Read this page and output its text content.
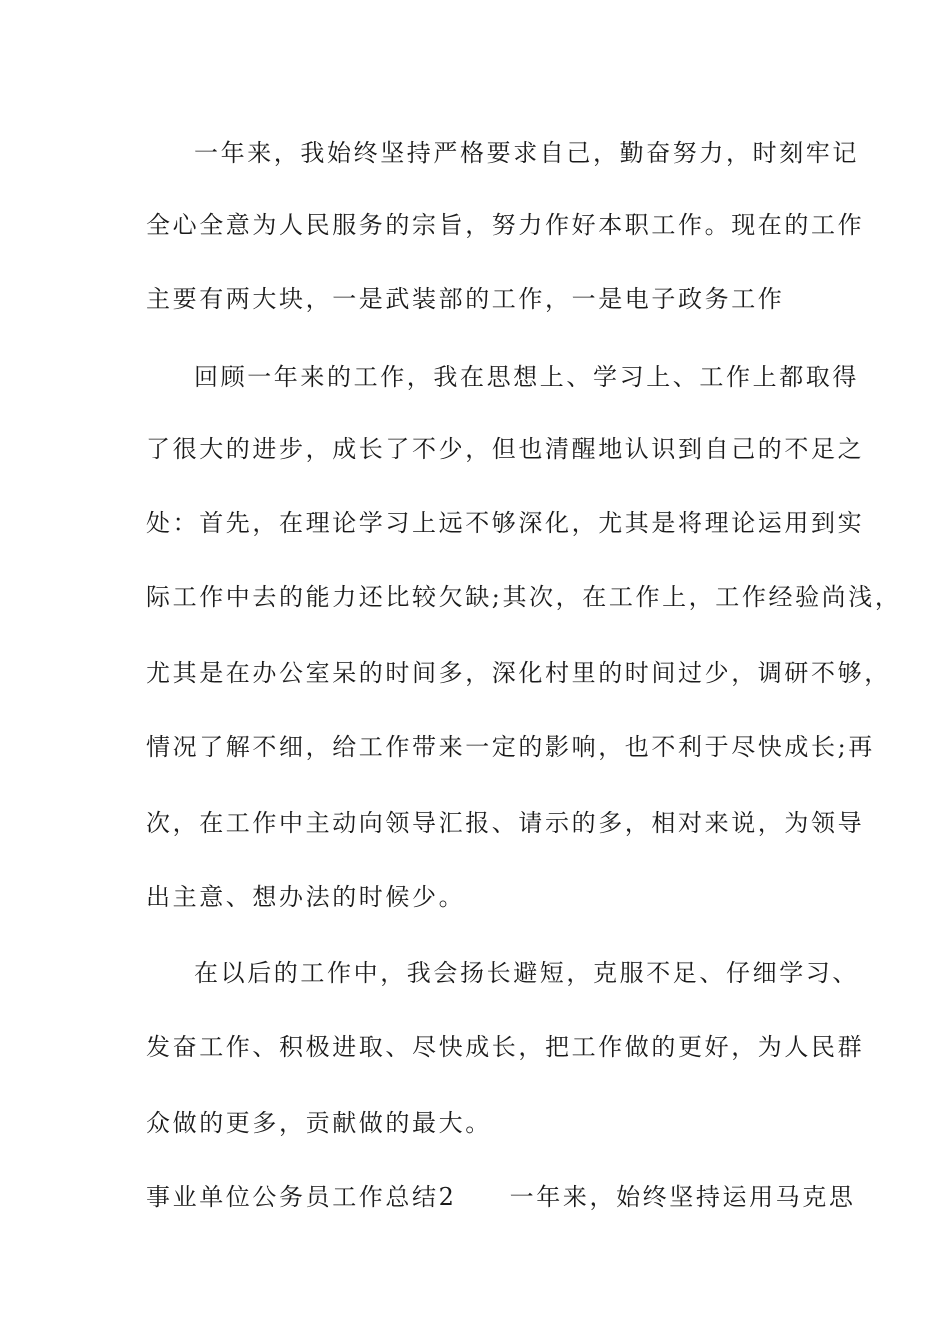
一年来，我始终坚持严格要求自己，勤奋努力，时刻牢记
全心全意为人民服务的宗旨，努力作好本职工作。现在的工作
主要有两大块，一是武装部的工作，一是电子政务工作
回顾一年来的工作，我在思想上、学习上、工作上都取得
了很大的进步，成长了不少，但也清醒地认识到自己的不足之
处：首先，在理论学习上远不够深化，尤其是将理论运用到实
际工作中去的能力还比较欠缺;其次，在工作上，工作经验尚浅，
尤其是在办公室呆的时间多，深化村里的时间过少，调研不够，
情况了解不细，给工作带来一定的影响，也不利于尽快成长;再
次，在工作中主动向领导汇报、请示的多，相对来说，为领导
出主意、想办法的时候少。
在以后的工作中，我会扬长避短，克服不足、仔细学习、
发奋工作、积极进取、尽快成长，把工作做的更好，为人民群
众做的更多，贡献做的最大。
事业单位公务员工作总结2　　一年来，始终坚持运用马克思
